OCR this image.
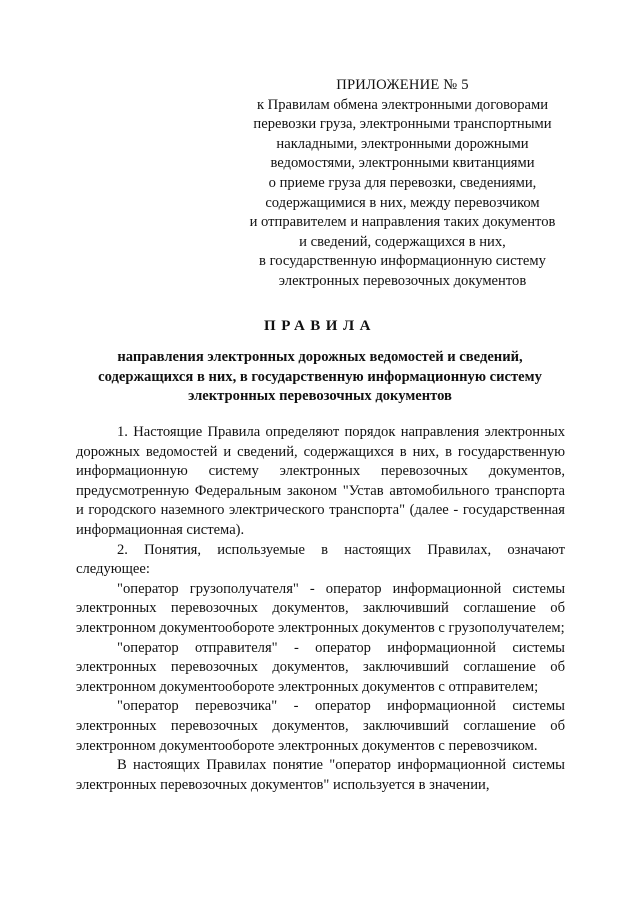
ПРИЛОЖЕНИЕ № 5
к Правилам обмена электронными договорами
перевозки груза, электронными транспортными
накладными, электронными дорожными
ведомостями, электронными квитанциями
о приеме груза для перевозки, сведениями,
содержащимися в них, между перевозчиком
и отправителем и направления таких документов
и сведений, содержащихся в них,
в государственную информационную систему
электронных перевозочных документов
ПРАВИЛА
направления электронных дорожных ведомостей и сведений,
содержащихся в них, в государственную информационную систему
электронных перевозочных документов

1. Настоящие Правила определяют порядок направления электронных дорожных ведомостей и сведений, содержащихся в них, в государственную информационную систему электронных перевозочных документов, предусмотренную Федеральным законом "Устав автомобильного транспорта и городского наземного электрического транспорта" (далее - государственная информационная система).

2. Понятия, используемые в настоящих Правилах, означают следующее:

"оператор грузополучателя" - оператор информационной системы электронных перевозочных документов, заключивший соглашение об электронном документообороте электронных документов с грузополучателем;

"оператор отправителя" - оператор информационной системы электронных перевозочных документов, заключивший соглашение об электронном документообороте электронных документов с отправителем;

"оператор перевозчика" - оператор информационной системы электронных перевозочных документов, заключивший соглашение об электронном документообороте электронных документов с перевозчиком.

В настоящих Правилах понятие "оператор информационной системы электронных перевозочных документов" используется в значении,
